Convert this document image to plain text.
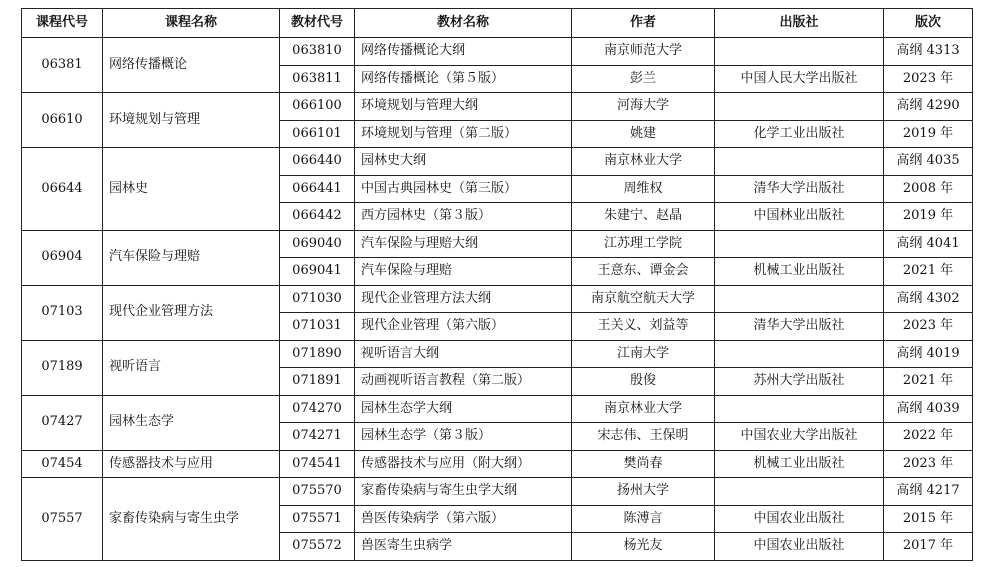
课程代号	课程名称	教材代号	教材名称	作者	出版社	版次
06381	网络传播概论	063810	网络传播概论大纲	南京师范大学		高纲 4313
		063811	网络传播概论（第５版）	彭兰	中国人民大学出版社	2023 年
06610	环境规划与管理	066100	环境规划与管理大纲	河海大学		高纲 4290
		066101	环境规划与管理（第二版）	姚建	化学工业出版社	2019 年
06644	园林史	066440	园林史大纲	南京林业大学		高纲 4035
		066441	中国古典园林史（第三版）	周维权	清华大学出版社	2008 年
		066442	西方园林史（第３版）	朱建宁、赵晶	中国林业出版社	2019 年
06904	汽车保险与理赔	069040	汽车保险与理赔大纲	江苏理工学院		高纲 4041
		069041	汽车保险与理赔	王意东、谭金会	机械工业出版社	2021 年
07103	现代企业管理方法	071030	现代企业管理方法大纲	南京航空航天大学		高纲 4302
		071031	现代企业管理（第六版）	王关义、刘益等	清华大学出版社	2023 年
07189	视听语言	071890	视听语言大纲	江南大学		高纲 4019
		071891	动画视听语言教程（第二版）	殷俊	苏州大学出版社	2021 年
07427	园林生态学	074270	园林生态学大纲	南京林业大学		高纲 4039
		074271	园林生态学（第３版）	宋志伟、王保明	中国农业大学出版社	2022 年
07454	传感器技术与应用	074541	传感器技术与应用（附大纲）	樊尚春	机械工业出版社	2023 年
07557	家畜传染病与寄生虫学	075570	家畜传染病与寄生虫学大纲	扬州大学		高纲 4217
		075571	兽医传染病学（第六版）	陈溥言	中国农业出版社	2015 年
		075572	兽医寄生虫病学	杨光友	中国农业出版社	2017 年
